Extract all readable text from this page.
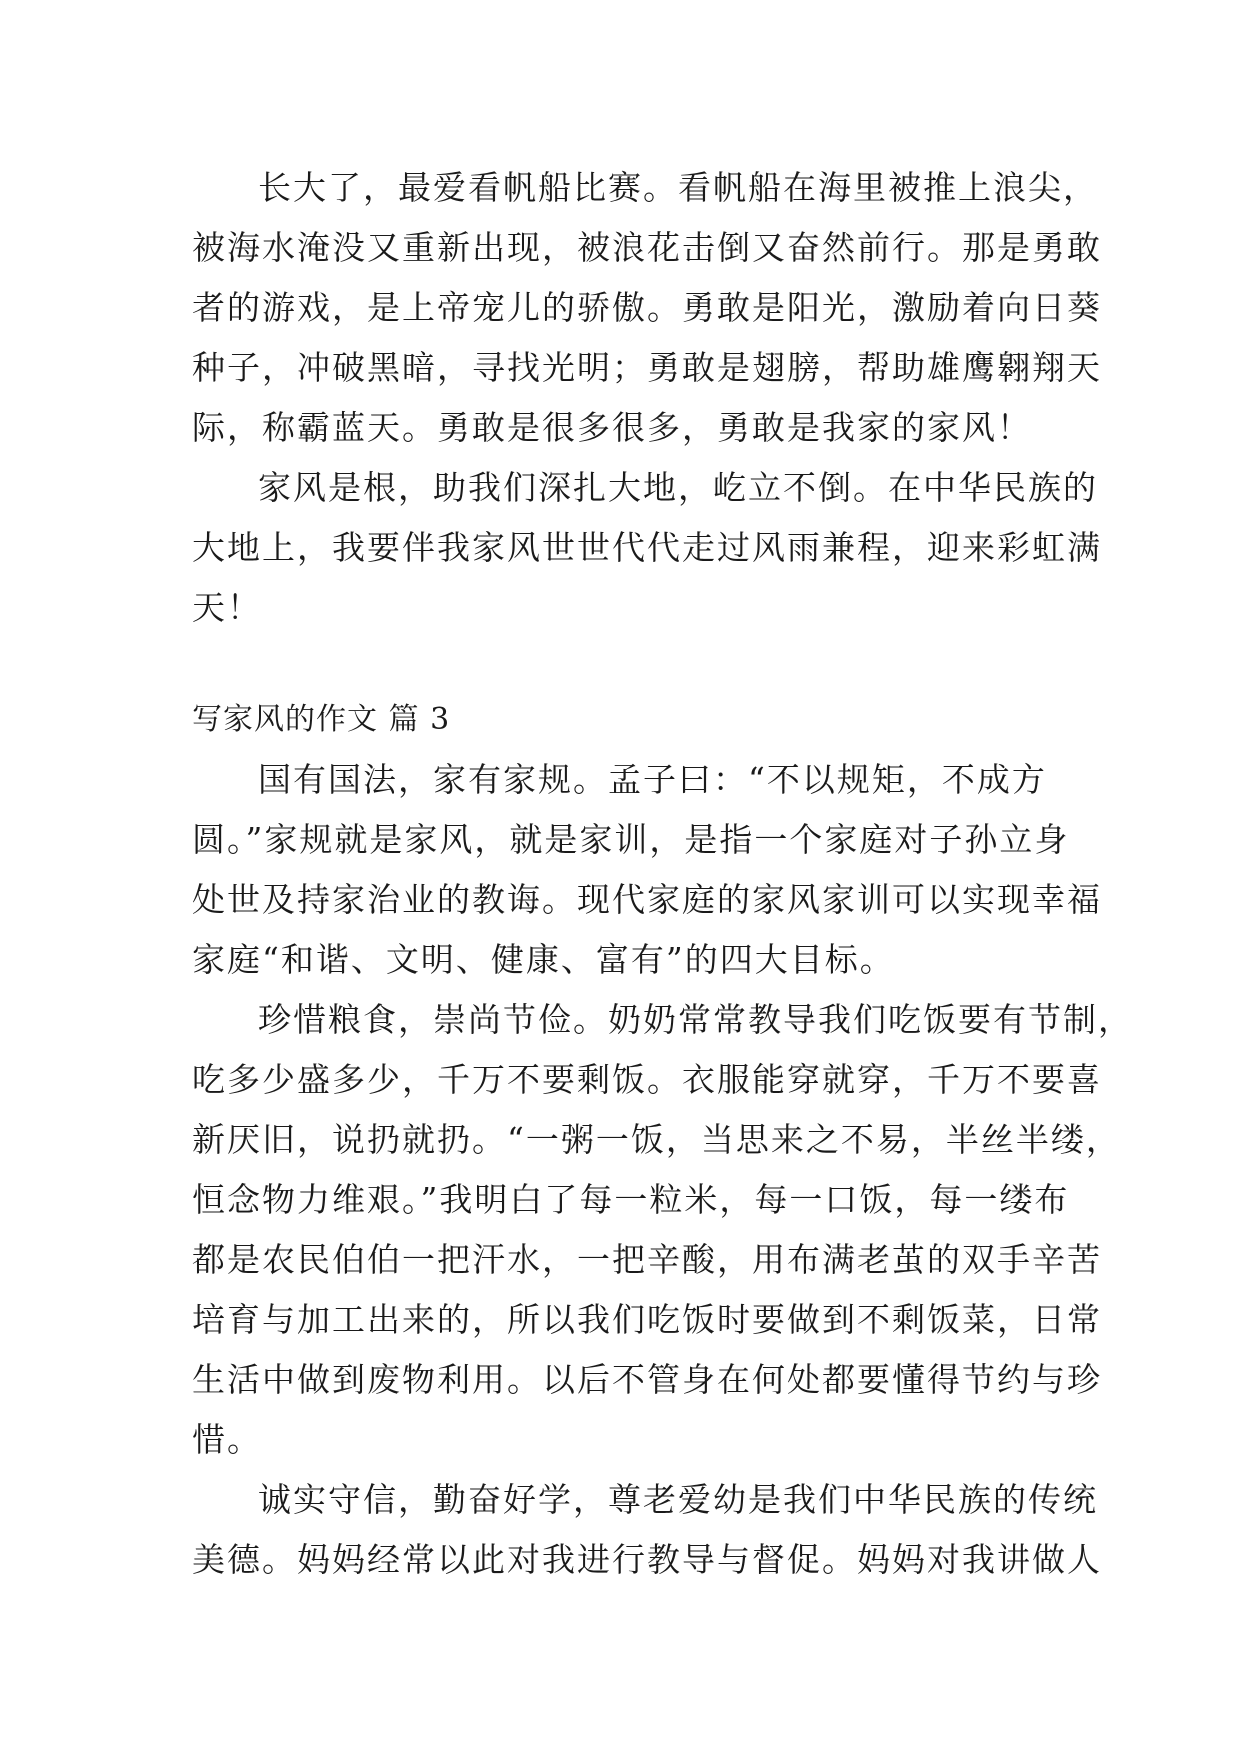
长大了，最爱看帆船比赛。看帆船在海里被推上浪尖，
被海水淹没又重新出现，被浪花击倒又奋然前行。那是勇敢
者的游戏，是上帝宠儿的骄傲。勇敢是阳光，激励着向日葵
种子，冲破黑暗，寻找光明；勇敢是翅膀，帮助雄鹰翱翔天
际，称霸蓝天。勇敢是很多很多，勇敢是我家的家风！
家风是根，助我们深扎大地，屹立不倒。在中华民族的
大地上，我要伴我家风世世代代走过风雨兼程，迎来彩虹满
天！
写家风的作文 篇 3
国有国法，家有家规。孟子曰：“不以规矩，不成方
圆。”家规就是家风，就是家训，是指一个家庭对子孙立身
处世及持家治业的教诲。现代家庭的家风家训可以实现幸福
家庭“和谐、文明、健康、富有”的四大目标。
珍惜粮食，崇尚节俭。奶奶常常教导我们吃饭要有节制，
吃多少盛多少，千万不要剩饭。衣服能穿就穿，千万不要喜
新厌旧，说扔就扔。“一粥一饭，当思来之不易，半丝半缕，
恒念物力维艰。”我明白了每一粒米，每一口饭，每一缕布
都是农民伯伯一把汗水，一把辛酸，用布满老茧的双手辛苦
培育与加工出来的，所以我们吃饭时要做到不剩饭菜，日常
生活中做到废物利用。以后不管身在何处都要懂得节约与珍
惜。
诚实守信，勤奋好学，尊老爱幼是我们中华民族的传统
美德。妈妈经常以此对我进行教导与督促。妈妈对我讲做人
